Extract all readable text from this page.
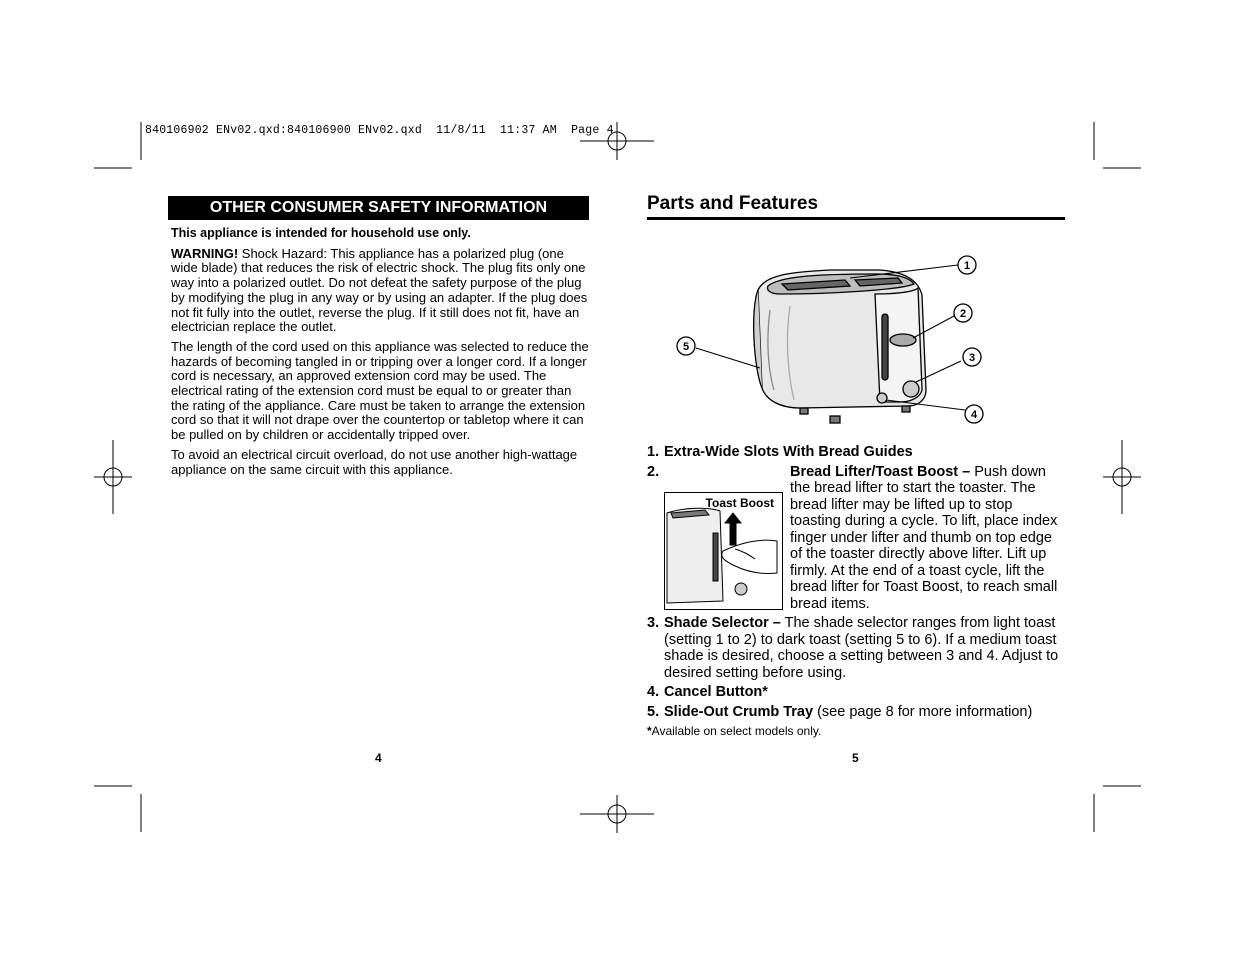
840106902 ENv02.qxd:840106900 ENv02.qxd  11/8/11  11:37 AM  Page 4
OTHER CONSUMER SAFETY INFORMATION

This appliance is intended for household use only.

WARNING! Shock Hazard: This appliance has a polarized plug (one wide blade) that reduces the risk of electric shock. The plug fits only one way into a polarized outlet. Do not defeat the safety purpose of the plug by modifying the plug in any way or by using an adapter. If the plug does not fit fully into the outlet, reverse the plug. If it still does not fit, have an electrician replace the outlet.

The length of the cord used on this appliance was selected to reduce the hazards of becoming tangled in or tripping over a longer cord. If a longer cord is necessary, an approved extension cord may be used. The electrical rating of the extension cord must be equal to or greater than the rating of the appliance. Care must be taken to arrange the extension cord so that it will not drape over the countertop or tabletop where it can be pulled on by children or accidentally tripped over.

To avoid an electrical circuit overload, do not use another high-wattage appliance on the same circuit with this appliance.

4
Parts and Features
1
2
3
4
5
1. Extra-Wide Slots With Bread Guides
2.
Toast Boost
Bread Lifter/Toast Boost – Push down the bread lifter to start the toaster. The bread lifter may be lifted up to stop toasting during a cycle. To lift, place index finger under lifter and thumb on top edge of the toaster directly above lifter. Lift up firmly. At the end of a toast cycle, lift the bread lifter for Toast Boost, to reach small bread items.
3. Shade Selector – The shade selector ranges from light toast (setting 1 to 2) to dark toast (setting 5 to 6). If a medium toast shade is desired, choose a setting between 3 and 4. Adjust to desired setting before using.
4. Cancel Button*
5. Slide-Out Crumb Tray (see page 8 for more information)
*Available on select models only.
5
